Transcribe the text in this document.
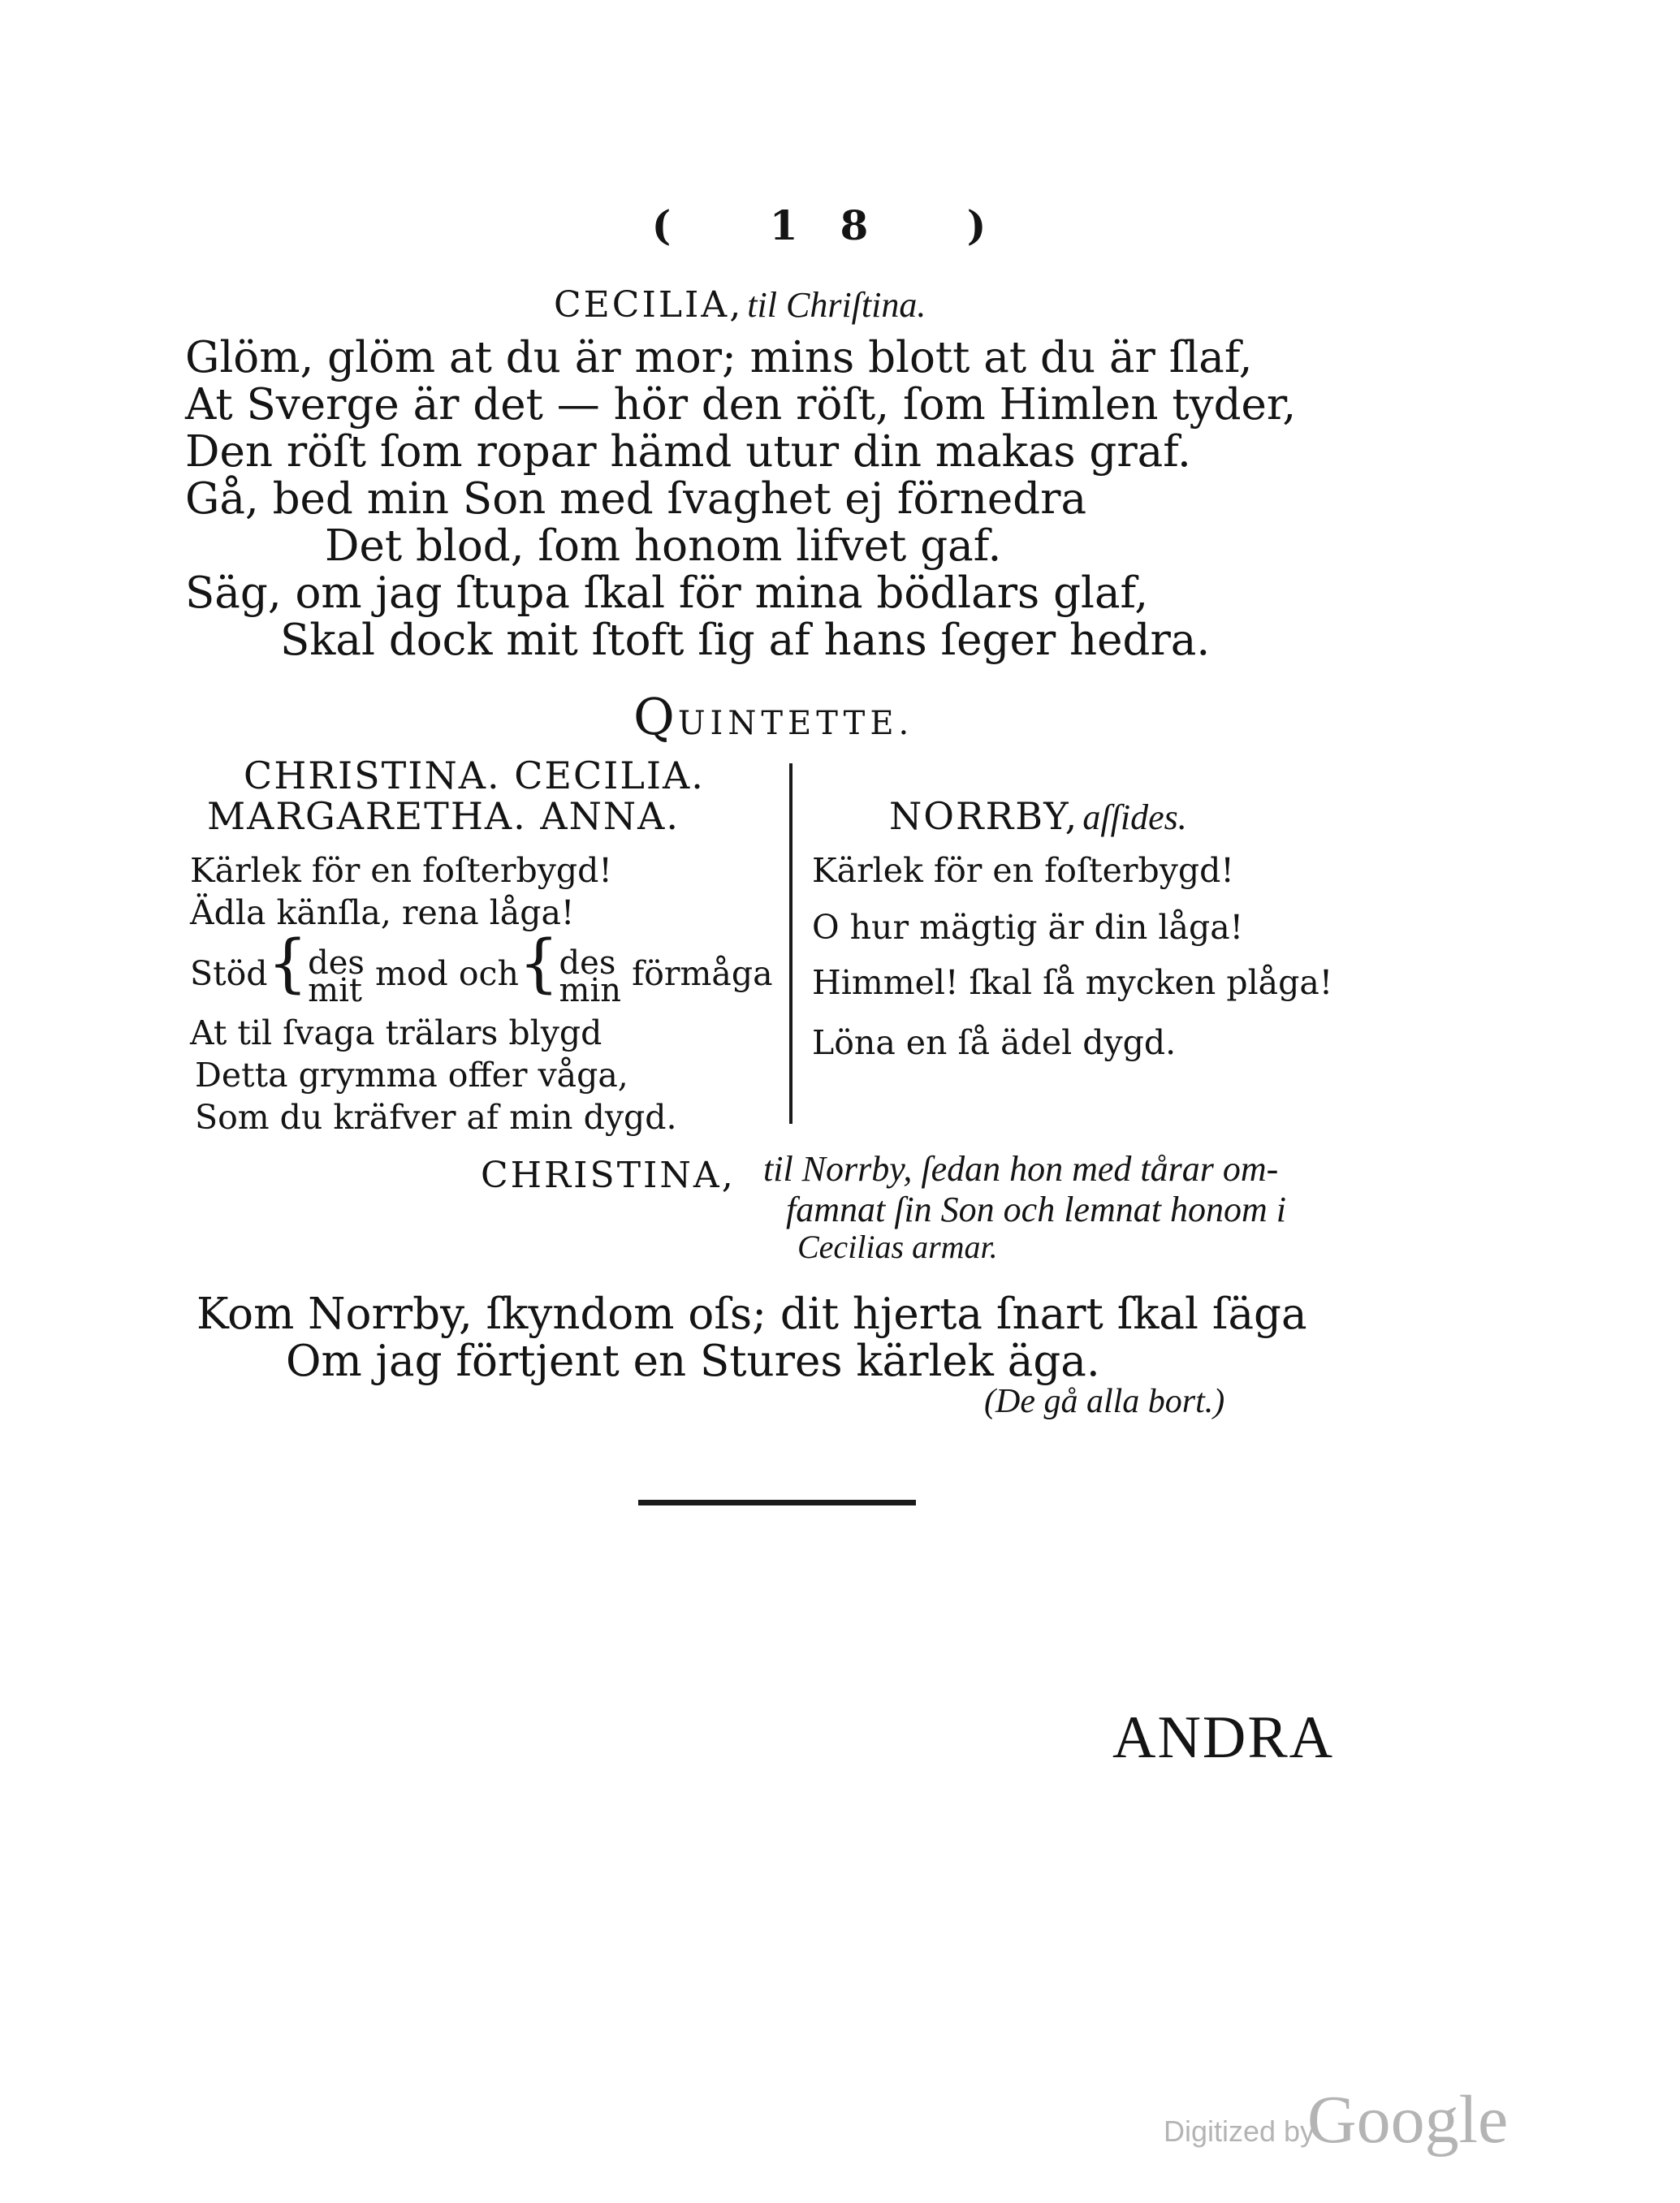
( 18 )
CECILIA, til Chriſtina.
Glöm, glöm at du är mor; mins blott at du är ſlaf,
At Sverge är det — hör den röſt, ſom Himlen tyder,
Den röſt ſom ropar hämd utur din makas graf.
Gå, bed min Son med ſvaghet ej förnedra
Det blod, ſom honom lifvet gaf.
Säg, om jag ſtupa ſkal för mina bödlars glaf,
Skal dock mit ſtoft ſig af hans ſeger hedra.
QUINTETTE.
CHRISTINA. CECILIA.
MARGARETHA. ANNA.
Kärlek för en foſterbygd!
Ädla känſla, rena låga!
Stöd{des
mit mod och{des
min förmåga
At til ſvaga trälars blygd
Detta grymma offer våga,
Som du kräfver af min dygd.
NORRBY, aſſides.
Kärlek för en foſterbygd!
O hur mägtig är din låga!
Himmel! ſkal ſå mycken plåga!
Löna en ſå ädel dygd.
CHRISTINA, til Norrby, ſedan hon med tårar om-
famnat ſin Son och lemnat honom i
Cecilias armar.
Kom Norrby, ſkyndom oſs; dit hjerta ſnart ſkal ſäga
Om jag förtjent en Stures kärlek äga.
(De gå alla bort.)
ANDRA
Digitized by
Google
